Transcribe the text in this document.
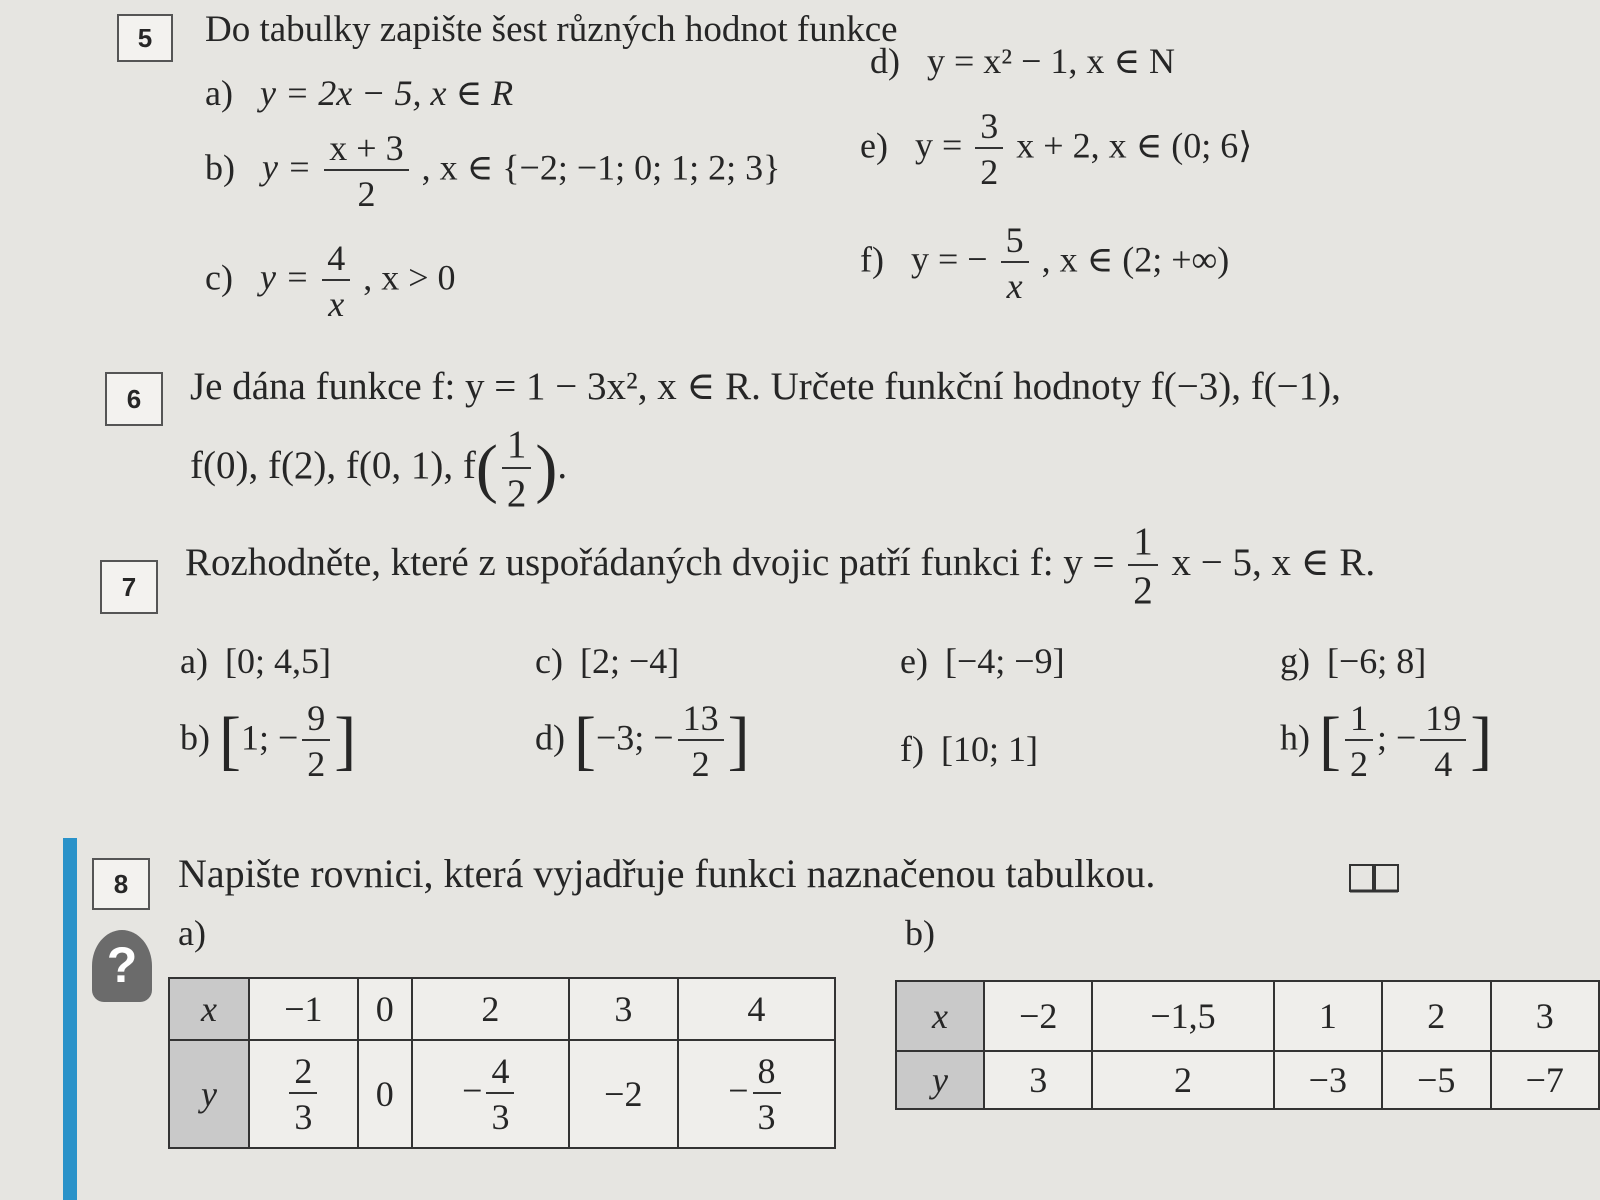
5	Do tabulky zapište šest různých hodnot funkce
a) y = 2x − 5, x ∈ R
b) $y = \frac{x + 3}{2}$ , x ∈ {−2; −1; 0; 1; 2; 3}
c) $y = \frac{4}{x}$ , x > 0
d) y = x² − 1, x ∈ N
e) $y = \frac{3}{2}$ x + 2, x ∈ (0; 6⟩
f) y = − $\frac{5}{x}$ , x ∈ (2; +∞)
6	Je dána funkce f: y = 1 − 3x², x ∈ R. Určete funkční hodnoty f(−3), f(−1),
f(0), f(2), f(0, 1), $f( \frac{1}{2}$ ).
7
Rozhodněte, které z uspořádaných dvojic patří funkci f: $y = \frac{1}{2}$ x − 5, x ∈ R.
a) [0; 4,5]	c) [2; −4]	e) [−4; −9]	g) [−6; 8]
b) [1; − $\frac{9}{2}$ ]	d) [−3; − $\frac{13}{2}$ ]	f) [10; 1]	h) [ $\frac{1}{2}$ ; − $\frac{19}{4}$ ]
8	Napište rovnici, která vyjadřuje funkci naznačenou tabulkou.
?
a)	b)
x	−1	0	2	3	4
y	$\frac{2}{3}$	0	− $\frac{4}{3}$	−2	− $\frac{8}{3}$
x	−2	−1,5	1	2	3
y	3	2	−3	−5	−7
